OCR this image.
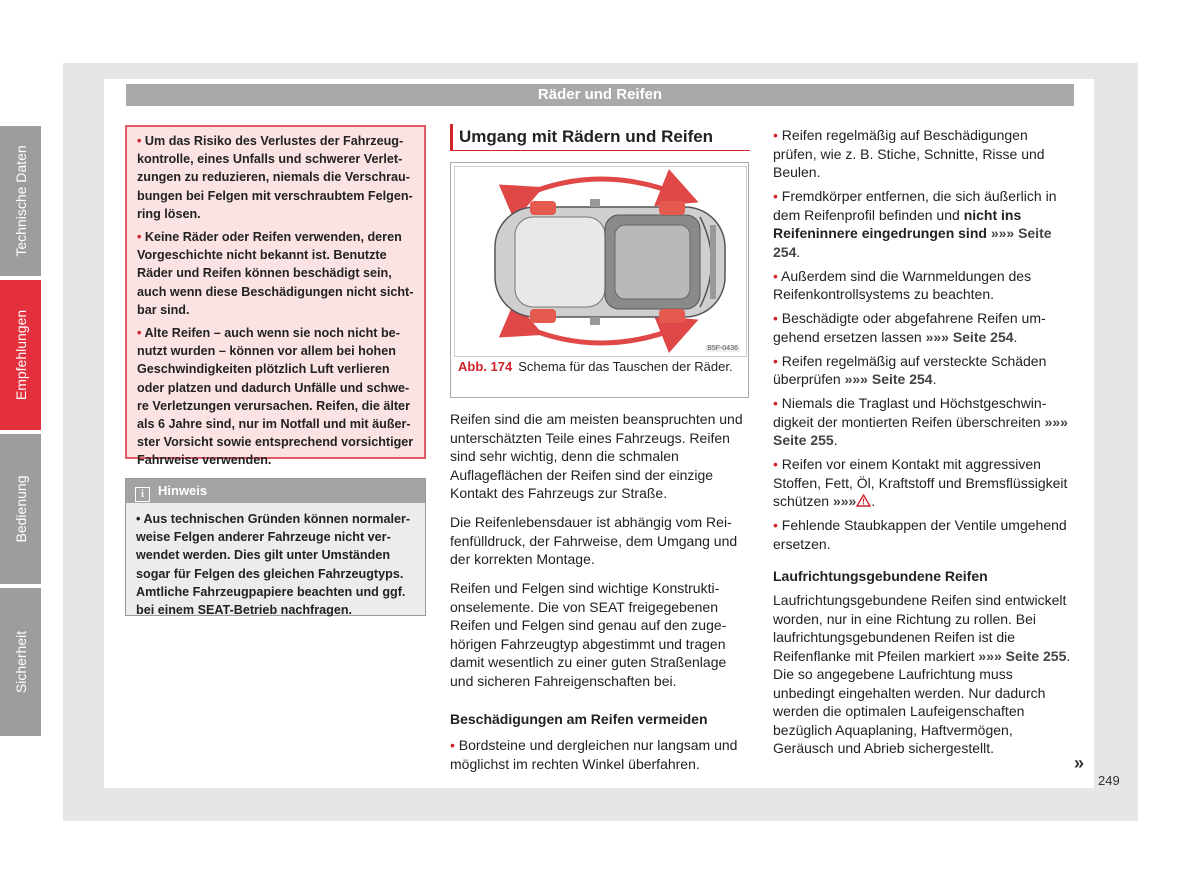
Räder und Reifen

• Um das Risiko des Verlustes der Fahrzeugkontrolle, eines Unfalls und schwerer Verletzungen zu reduzieren, niemals die Verschraubungen bei Felgen mit verschraubtem Felgenring lösen.

• Keine Räder oder Reifen verwenden, deren Vorgeschichte nicht bekannt ist. Benutzte Räder und Reifen können beschädigt sein, auch wenn diese Beschädigungen nicht sichtbar sind.

• Alte Reifen – auch wenn sie noch nicht benutzt wurden – können vor allem bei hohen Geschwindigkeiten plötzlich Luft verlieren oder platzen und dadurch Unfälle und schwere Verletzungen verursachen. Reifen, die älter als 6 Jahre sind, nur im Notfall und mit äußerster Vorsicht sowie entsprechend vorsichtiger Fahrweise verwenden.

i Hinweis
• Aus technischen Gründen können normalerweise Felgen anderer Fahrzeuge nicht verwendet werden. Dies gilt unter Umständen sogar für Felgen des gleichen Fahrzeugtyps. Amtliche Fahrzeugpapiere beachten und ggf. bei einem SEAT-Betrieb nachfragen.
Umgang mit Rädern und Reifen
B5F-0436
Abb. 174 Schema für das Tauschen der Räder.

Reifen sind die am meisten beanspruchten und unterschätzten Teile eines Fahrzeugs. Reifen sind sehr wichtig, denn die schmalen Auflageflächen der Reifen sind der einzige Kontakt des Fahrzeugs zur Straße.

Die Reifenlebensdauer ist abhängig vom Reifenfülldruck, der Fahrweise, dem Umgang und der korrekten Montage.

Reifen und Felgen sind wichtige Konstruktionselemente. Die von SEAT freigegebenen Reifen und Felgen sind genau auf den zugehörigen Fahrzeugtyp abgestimmt und tragen damit wesentlich zu einer guten Straßenlage und sicheren Fahreigenschaften bei.

Beschädigungen am Reifen vermeiden

• Bordsteine und dergleichen nur langsam und möglichst im rechten Winkel überfahren.

• Reifen regelmäßig auf Beschädigungen prüfen, wie z. B. Stiche, Schnitte, Risse und Beulen.

• Fremdkörper entfernen, die sich äußerlich in dem Reifenprofil befinden und nicht ins Reifeninnere eingedrungen sind »»» Seite 254.

• Außerdem sind die Warnmeldungen des Reifenkontrollsystems zu beachten.

• Beschädigte oder abgefahrene Reifen umgehend ersetzen lassen »»» Seite 254.

• Reifen regelmäßig auf versteckte Schäden überprüfen »»» Seite 254.

• Niemals die Traglast und Höchstgeschwindigkeit der montierten Reifen überschreiten »»» Seite 255.

• Reifen vor einem Kontakt mit aggressiven Stoffen, Fett, Öl, Kraftstoff und Bremsflüssigkeit schützen »»» .

• Fehlende Staubkappen der Ventile umgehend ersetzen.

Laufrichtungsgebundene Reifen

Laufrichtungsgebundene Reifen sind entwickelt worden, nur in eine Richtung zu rollen. Bei laufrichtungsgebundenen Reifen ist die Reifenflanke mit Pfeilen markiert »»» Seite 255. Die so angegebene Laufrichtung muss unbedingt eingehalten werden. Nur dadurch werden die optimalen Laufeigenschaften bezüglich Aquaplaning, Haftvermögen, Geräusch und Abrieb sichergestellt.

»
Technische Daten
Empfehlungen
Bedienung
Sicherheit
249
